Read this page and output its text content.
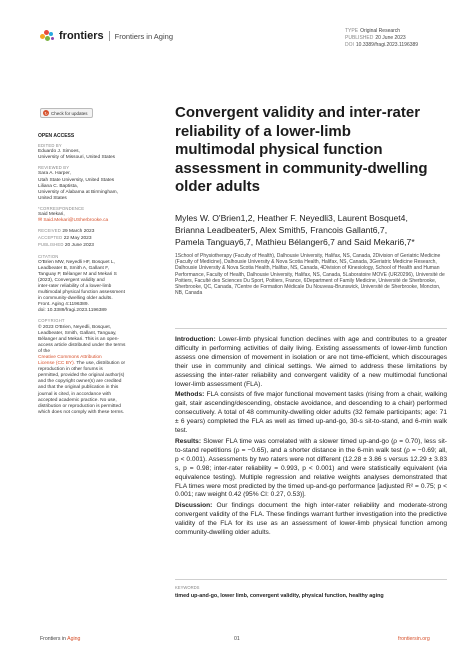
frontiers Frontiers in Aging
TYPE Original Research
PUBLISHED 20 June 2023
DOI 10.3389/fragi.2023.1196389
↻ Check for updates

OPEN ACCESS

EDITED BY

Eduardo J. Simoes,

University of Missouri, United States

REVIEWED BY

Sara A. Harper,

Utah State University, United States

Liliana C. Baptista,

University of Alabama at Birmingham,

United States

*CORRESPONDENCE

Said Mekari,

✉ Said.Mekari@USherbrooke.ca

RECEIVED 29 March 2023

ACCEPTED 22 May 2023

PUBLISHED 20 June 2023

CITATION

O'Brien MW, Neyedli HF, Bosquet L,

Leadbeater B, Smith A, Gallant F,

Tanguay P, Bélanger M and Mekari S

(2023), Convergent validity and

inter-rater reliability of a lower-limb

multimodal physical function assessment

in community-dwelling older adults.

Front. Aging 4:1196389.

doi: 10.3389/fragi.2023.1196389

COPYRIGHT

© 2023 O'Brien, Neyedli, Bosquet,

Leadbeater, Smith, Gallant, Tanguay,

Bélanger and Mekari. This is an open-

access article distributed under the terms

of the

Creative Commons Attribution

License (CC BY). The use, distribution or

reproduction in other forums is

permitted, provided the original author(s)

and the copyright owner(s) are credited

and that the original publication in this

journal is cited, in accordance with

accepted academic practice. No use,

distribution or reproduction is permitted

which does not comply with these terms.

Convergent validity and inter-rater reliability of a lower-limb multimodal physical function assessment in community-dwelling older adults
Myles W. O'Brien1,2, Heather F. Neyedli3, Laurent Bosquet4,
Brianna Leadbeater5, Alex Smith5, Francois Gallant6,7,
Pamela Tanguay6,7, Mathieu Bélanger6,7 and Said Mekari6,7*
1School of Physiotherapy (Faculty of Health), Dalhousie University, Halifax, NS, Canada, 2Division of Geriatric Medicine (Faculty of Medicine), Dalhousie University & Nova Scotia Health, Halifax, NS, Canada, 3Geriatric Medicine Research, Dalhousie University & Nova Scotia Health, Halifax, NS, Canada, 4Division of Kinesiology, School of Health and Human Performance, Faculty of Health, Dalhousie University, Halifax, NS, Canada, 5Laboratoire MOVE (UR20296), Université de Poitiers, Faculté des Sciences Du Sport, Poitiers, France, 6Department of Family Medicine, Université de Sherbrooke, Sherbrooke, QC, Canada, 7Centre de Formation Médicale Du Nouveau-Brunswick, Université de Sherbrooke, Moncton, NB, Canada

Introduction: Lower-limb physical function declines with age and contributes to a greater difficulty in performing activities of daily living. Existing assessments of lower-limb function assess one dimension of movement in isolation or are not time-efficient, which discourages their use in community and clinical settings. We aimed to address these limitations by assessing the inter-rater reliability and convergent validity of a new multimodal functional lower-limb assessment (FLA).

Methods: FLA consists of five major functional movement tasks (rising from a chair, walking gait, stair ascending/descending, obstacle avoidance, and descending to a chair) performed consecutively. A total of 48 community-dwelling older adults (32 female participants; age: 71 ± 6 years) completed the FLA as well as timed up-and-go, 30-s sit-to-stand, and 6-min walk test.

Results: Slower FLA time was correlated with a slower timed up-and-go (ρ = 0.70), less sit-to-stand repetitions (ρ = −0.65), and a shorter distance in the 6-min walk test (ρ = −0.69; all, p < 0.001). Assessments by two raters were not different (12.28 ± 3.86 s versus 12.29 ± 3.83 s, p = 0.98; inter-rater reliability = 0.993, p < 0.001) and were statistically equivalent (via equivalence testing). Multiple regression and relative weights analyses demonstrated that FLA times were most predicted by the timed up-and-go performance [adjusted R² = 0.75; p < 0.001; raw weight 0.42 (95% CI: 0.27, 0.53)].

Discussion: Our findings document the high inter-rater reliability and moderate-strong convergent validity of the FLA. These findings warrant further investigation into the predictive validity of the FLA for its use as an assessment of lower-limb physical function among community-dwelling older adults.

KEYWORDS
timed up-and-go, lower limb, convergent validity, physical function, healthy aging
Frontiers in Aging	01	frontiersin.org
